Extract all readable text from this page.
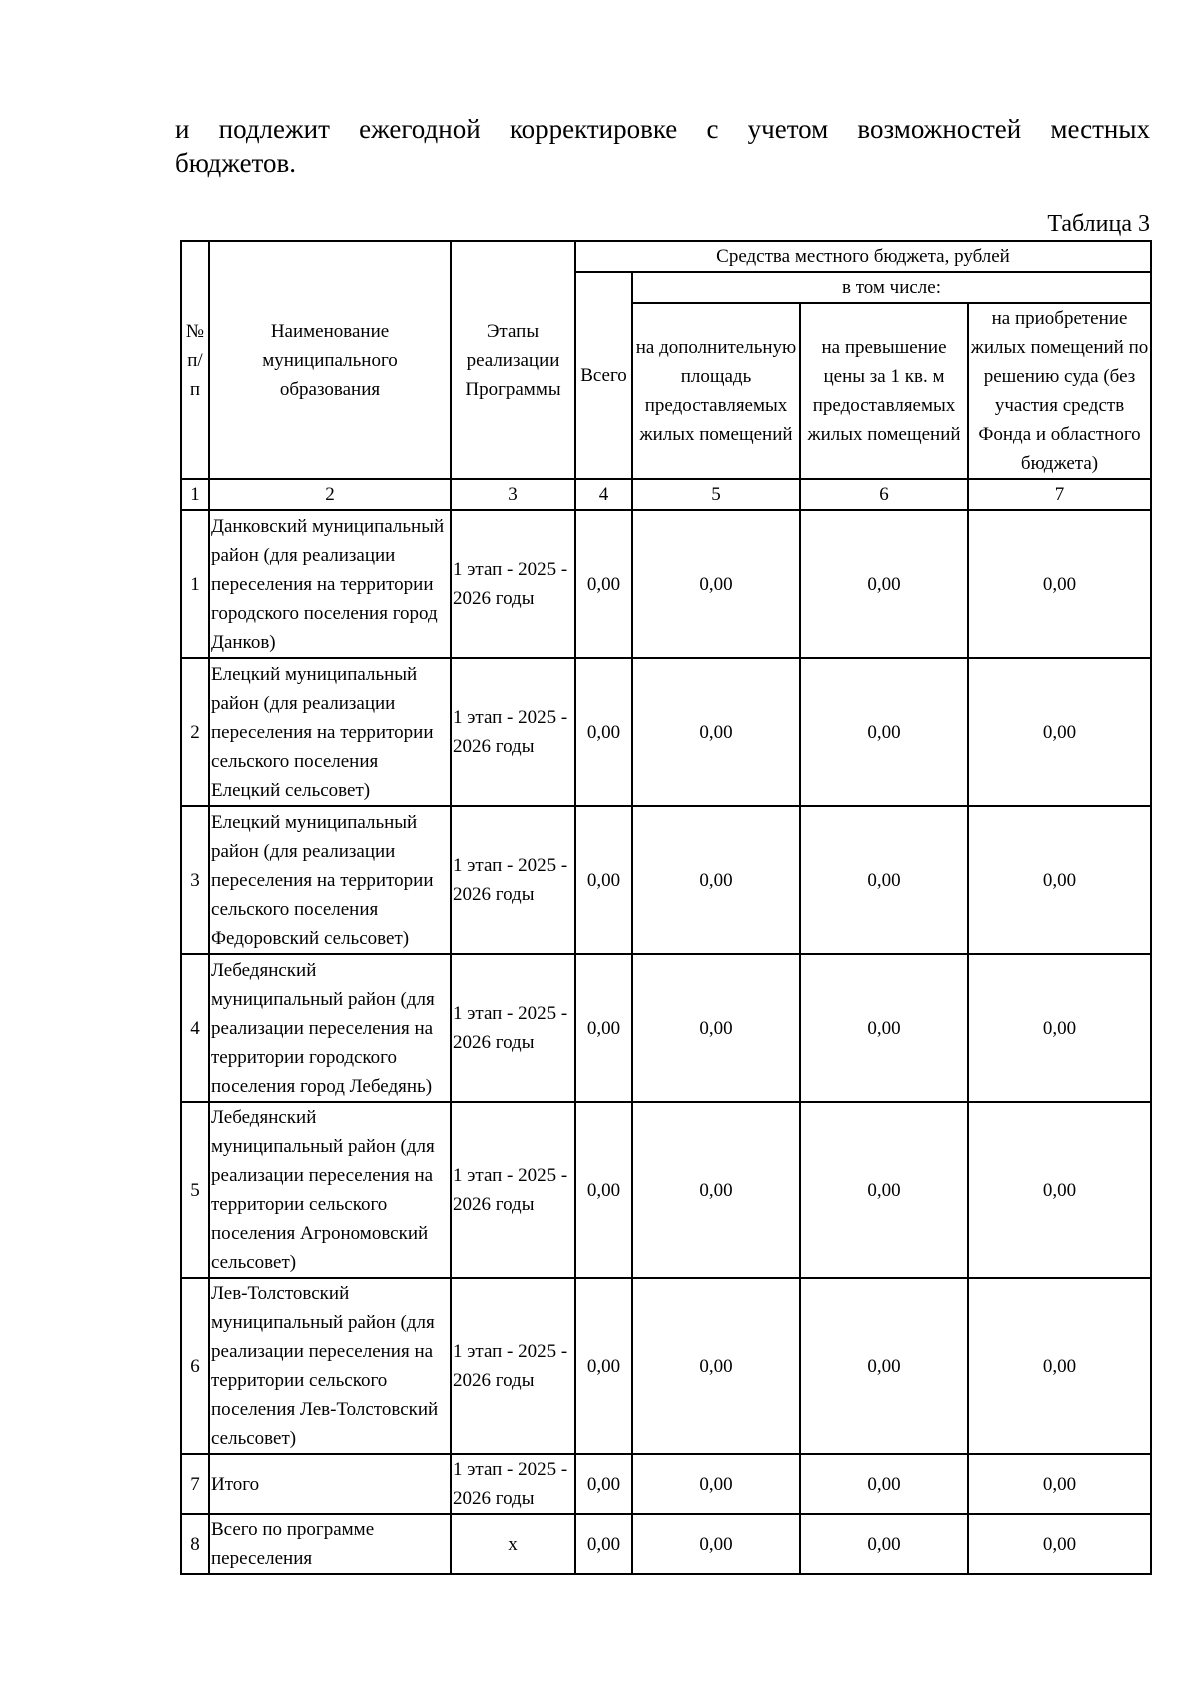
и подлежит ежегодной корректировке с учетом возможностей местных
бюджетов.
Таблица 3
№ п/п	Наименование муниципального образования	Этапы реализации Программы	Средства местного бюджета, рублей			
			Всего	в том числе:		
				на дополнительную площадь предоставляемых жилых помещений	на превышение цены за 1 кв. м предоставляемых жилых помещений	на приобретение жилых помещений по решению суда (без участия средств Фонда и областного бюджета)
1	2	3	4	5	6	7
1	Данковский муниципальный район (для реализации переселения на территории городского поселения город Данков)	1 этап - 2025 - 2026 годы	0,00	0,00	0,00	0,00
2	Елецкий муниципальный район (для реализации переселения на территории сельского поселения Елецкий сельсовет)	1 этап - 2025 - 2026 годы	0,00	0,00	0,00	0,00
3	Елецкий муниципальный район (для реализации переселения на территории сельского поселения Федоровский сельсовет)	1 этап - 2025 - 2026 годы	0,00	0,00	0,00	0,00
4	Лебедянский муниципальный район (для реализации переселения на территории городского поселения город Лебедянь)	1 этап - 2025 - 2026 годы	0,00	0,00	0,00	0,00
5	Лебедянский муниципальный район (для реализации переселения на территории сельского поселения Агрономовский сельсовет)	1 этап - 2025 - 2026 годы	0,00	0,00	0,00	0,00
6	Лев-Толстовский муниципальный район (для реализации переселения на территории сельского поселения Лев-Толстовский сельсовет)	1 этап - 2025 - 2026 годы	0,00	0,00	0,00	0,00
7	Итого	1 этап - 2025 - 2026 годы	0,00	0,00	0,00	0,00
8	Всего по программе переселения	х	0,00	0,00	0,00	0,00
